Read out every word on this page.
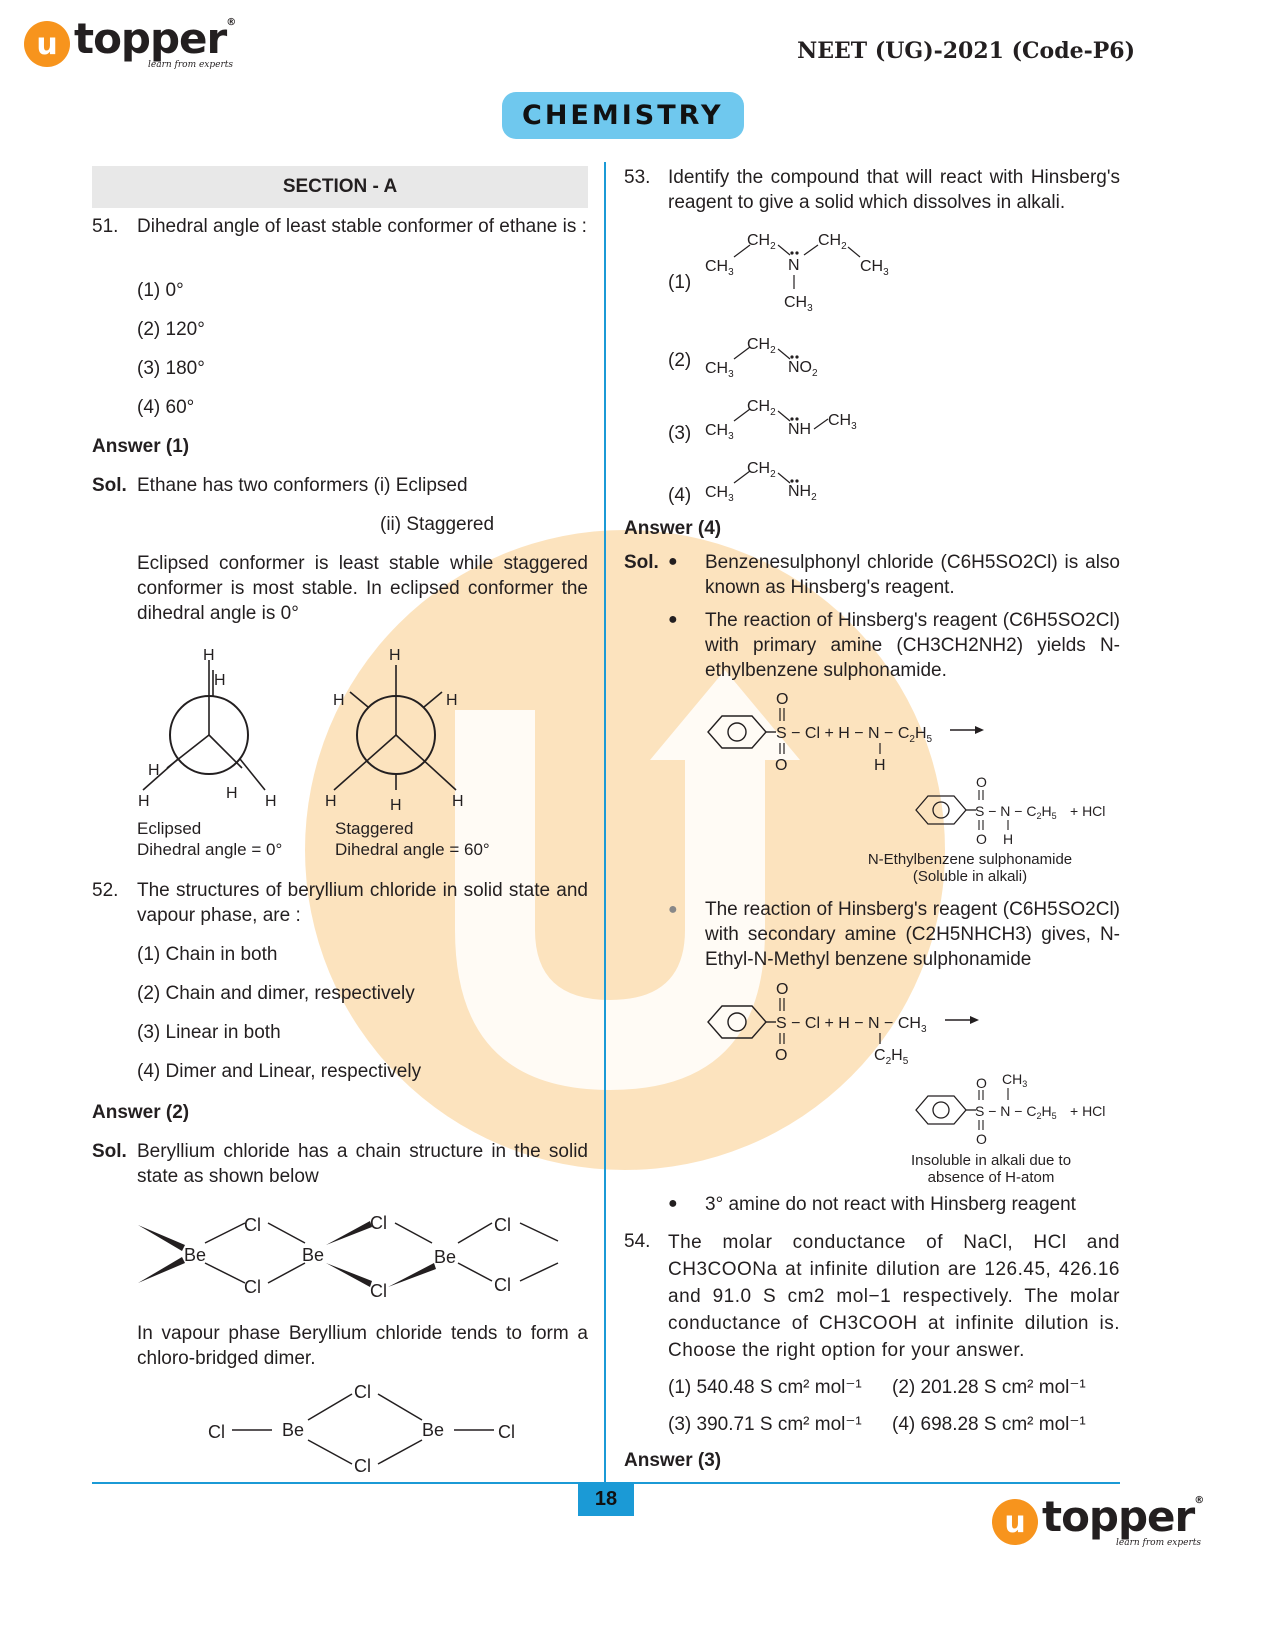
u topper®
learn from experts
NEET (UG)-2021 (Code-P6)
CHEMISTRY
SECTION - A
51. Dihedral angle of least stable conformer of ethane is :
(1) 0°
(2) 120°
(3) 180°
(4) 60°
Answer (1)
Sol. Ethane has two conformers (i) Eclipsed
(ii) Staggered
Eclipsed conformer is least stable while staggered conformer is most stable. In eclipsed conformer the dihedral angle is 0°
H
H
H
H	H H
H
H	H
H	H	H
Eclipsed
Dihedral angle = 0°
Staggered
Dihedral angle = 60°
52. The structures of beryllium chloride in solid state and vapour phase, are :
(1) Chain in both
(2) Chain and dimer, respectively
(3) Linear in both
(4) Dimer and Linear, respectively
Answer (2)
Sol. Beryllium chloride has a chain structure in the solid state as shown below
Be
Cl
Cl
Be
Cl
Cl
Be
Cl
Cl
In vapour phase Beryllium chloride tends to form a chloro-bridged dimer.
Cl	Be
Cl
Cl
Be	Cl
53. Identify the compound that will react with Hinsberg's reagent to give a solid which dissolves in alkali.
(1)
(2)
(3)
(4)
$CH_3$
$CH_2$
N
$CH_2$
$CH_3$
$CH_3$
$CH_3$
$CH_2$
$NO_2$
$CH_3$
$CH_2$
NH
$CH_3$
$CH_3$
$CH_2$
$NH_2$
Answer (4)
Sol. ● Benzenesulphonyl chloride (C6H5SO2Cl) is also known as Hinsberg's reagent.
● The reaction of Hinsberg's reagent (C6H5SO2Cl) with primary amine (CH3CH2NH2) yields N-ethylbenzene sulphonamide.
$S - Cl + H - N - C_2H_5$
O
O	H
$S - N - C_2H_5$ + HCl
O
O H
N-Ethylbenzene sulphonamide
(Soluble in alkali)
● The reaction of Hinsberg's reagent (C6H5SO2Cl) with secondary amine (C2H5NHCH3) gives, N-Ethyl-N-Methyl benzene sulphonamide
$S - Cl + H - N - CH_3$
O
O	$C_2H_5$
$S - N - C_2H_5$ + HCl
O
O
$CH_3$
Insoluble in alkali due to
absence of H-atom
● 3° amine do not react with Hinsberg reagent
54. The molar conductance of NaCl, HCl and CH3COONa at infinite dilution are 126.45, 426.16 and 91.0 S cm2 mol−1 respectively. The molar conductance of CH3COOH at infinite dilution is. Choose the right option for your answer.
(1) 540.48 S cm² mol⁻¹ (2) 201.28 S cm² mol⁻¹
(3) 390.71 S cm² mol⁻¹ (4) 698.28 S cm² mol⁻¹
Answer (3)
18
u topper®
learn from experts
